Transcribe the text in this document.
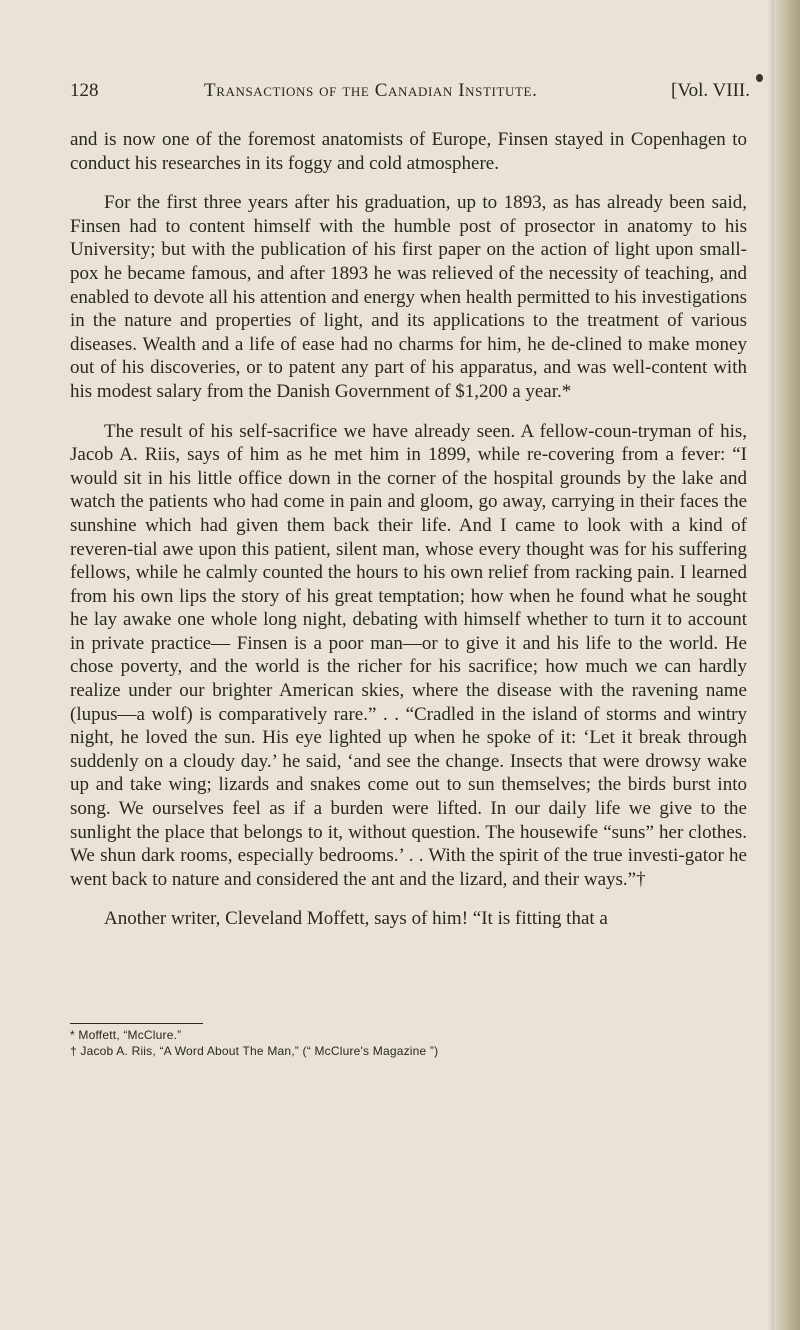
128	Transactions of the Canadian Institute.	[Vol. VIII.

and is now one of the foremost anatomists of Europe, Finsen stayed in Copenhagen to conduct his researches in its foggy and cold atmosphere.

For the first three years after his graduation, up to 1893, as has already been said, Finsen had to content himself with the humble post of prosector in anatomy to his University; but with the publication of his first paper on the action of light upon small-pox he became famous, and after 1893 he was relieved of the necessity of teaching, and enabled to devote all his attention and energy when health permitted to his investigations in the nature and properties of light, and its applications to the treatment of various diseases. Wealth and a life of ease had no charms for him, he de-clined to make money out of his discoveries, or to patent any part of his apparatus, and was well-content with his modest salary from the Danish Government of $1,200 a year.*

The result of his self-sacrifice we have already seen. A fellow-coun-tryman of his, Jacob A. Riis, says of him as he met him in 1899, while re-covering from a fever: “I would sit in his little office down in the corner of the hospital grounds by the lake and watch the patients who had come in pain and gloom, go away, carrying in their faces the sunshine which had given them back their life. And I came to look with a kind of reveren-tial awe upon this patient, silent man, whose every thought was for his suffering fellows, while he calmly counted the hours to his own relief from racking pain. I learned from his own lips the story of his great temptation; how when he found what he sought he lay awake one whole long night, debating with himself whether to turn it to account in private practice— Finsen is a poor man—or to give it and his life to the world. He chose poverty, and the world is the richer for his sacrifice; how much we can hardly realize under our brighter American skies, where the disease with the ravening name (lupus—a wolf) is comparatively rare.” . . “Cradled in the island of storms and wintry night, he loved the sun. His eye lighted up when he spoke of it: ‘Let it break through suddenly on a cloudy day.’ he said, ‘and see the change. Insects that were drowsy wake up and take wing; lizards and snakes come out to sun themselves; the birds burst into song. We ourselves feel as if a burden were lifted. In our daily life we give to the sunlight the place that belongs to it, without question. The housewife “suns” her clothes. We shun dark rooms, especially bedrooms.’ . . With the spirit of the true investi-gator he went back to nature and considered the ant and the lizard, and their ways.”†

Another writer, Cleveland Moffett, says of him! “It is fitting that a

* Moffett, “McClure.”

† Jacob A. Riis, “A Word About The Man,” (“ McClure's Magazine ”)
